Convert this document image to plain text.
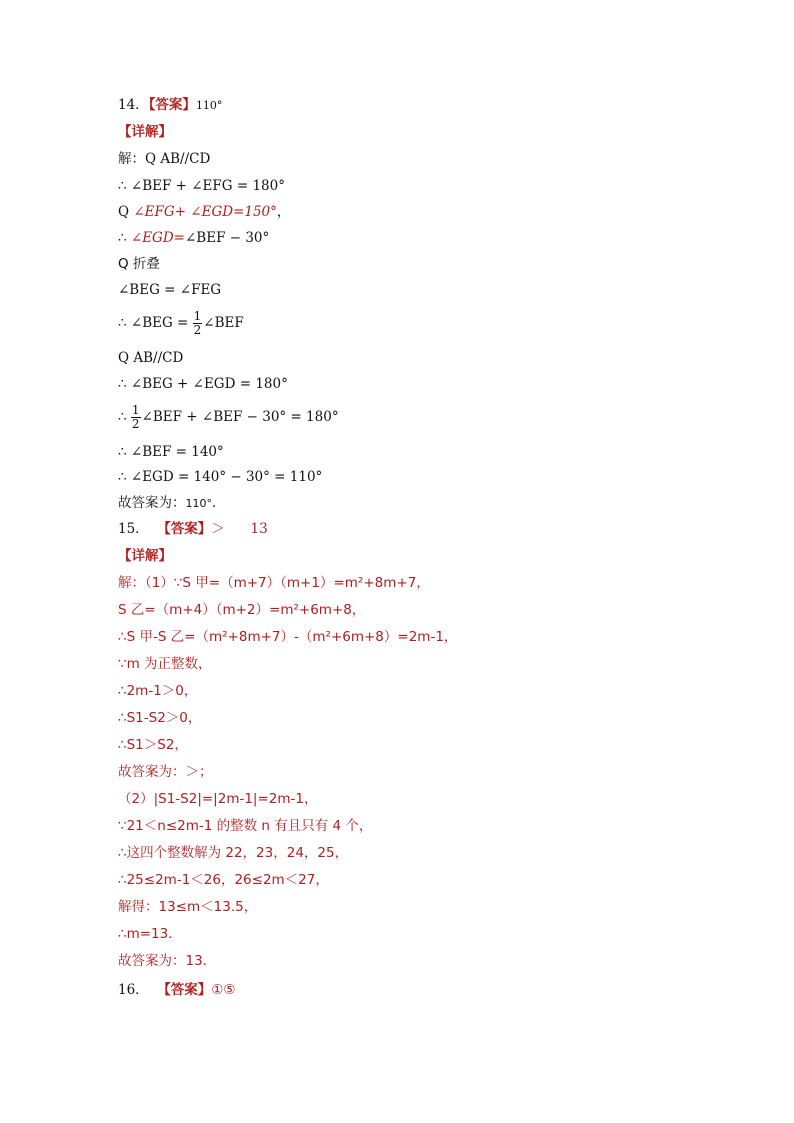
14．【答案】110°
【详解】
解：Q AB//CD
∴ ∠BEF + ∠EFG = 180°
Q ∠EFG+ ∠EGD=150°，
∴ ∠EGD=∠BEF − 30°
Q 折叠
∠BEG = ∠FEG
∴ ∠BEG = $\frac{1}{2}$ ∠BEF
Q AB//CD
∴ ∠BEG + ∠EGD = 180°
∴ $\frac{1}{2}$ ∠BEF + ∠BEF − 30° = 180°
∴ ∠BEF = 140°
∴ ∠EGD = 140° − 30° = 110°
故答案为：110°．
15． 【答案】＞ 13
【详解】
解：（1）∵S 甲=（m+7）（m+1）=m²+8m+7，
S 乙=（m+4）（m+2）=m²+6m+8，
∴S 甲-S 乙=（m²+8m+7）-（m²+6m+8）=2m-1，
∵m 为正整数，
∴2m-1＞0，
∴S1-S2＞0，
∴S1＞S2，
故答案为：＞；
（2）|S1-S2|=|2m-1|=2m-1，
∵21＜n≤2m-1 的整数 n 有且只有 4 个，
∴这四个整数解为 22，23，24，25，
∴25≤2m-1＜26，26≤2m＜27，
解得：13≤m＜13.5，
∴m=13．
故答案为：13．
16． 【答案】①⑤
